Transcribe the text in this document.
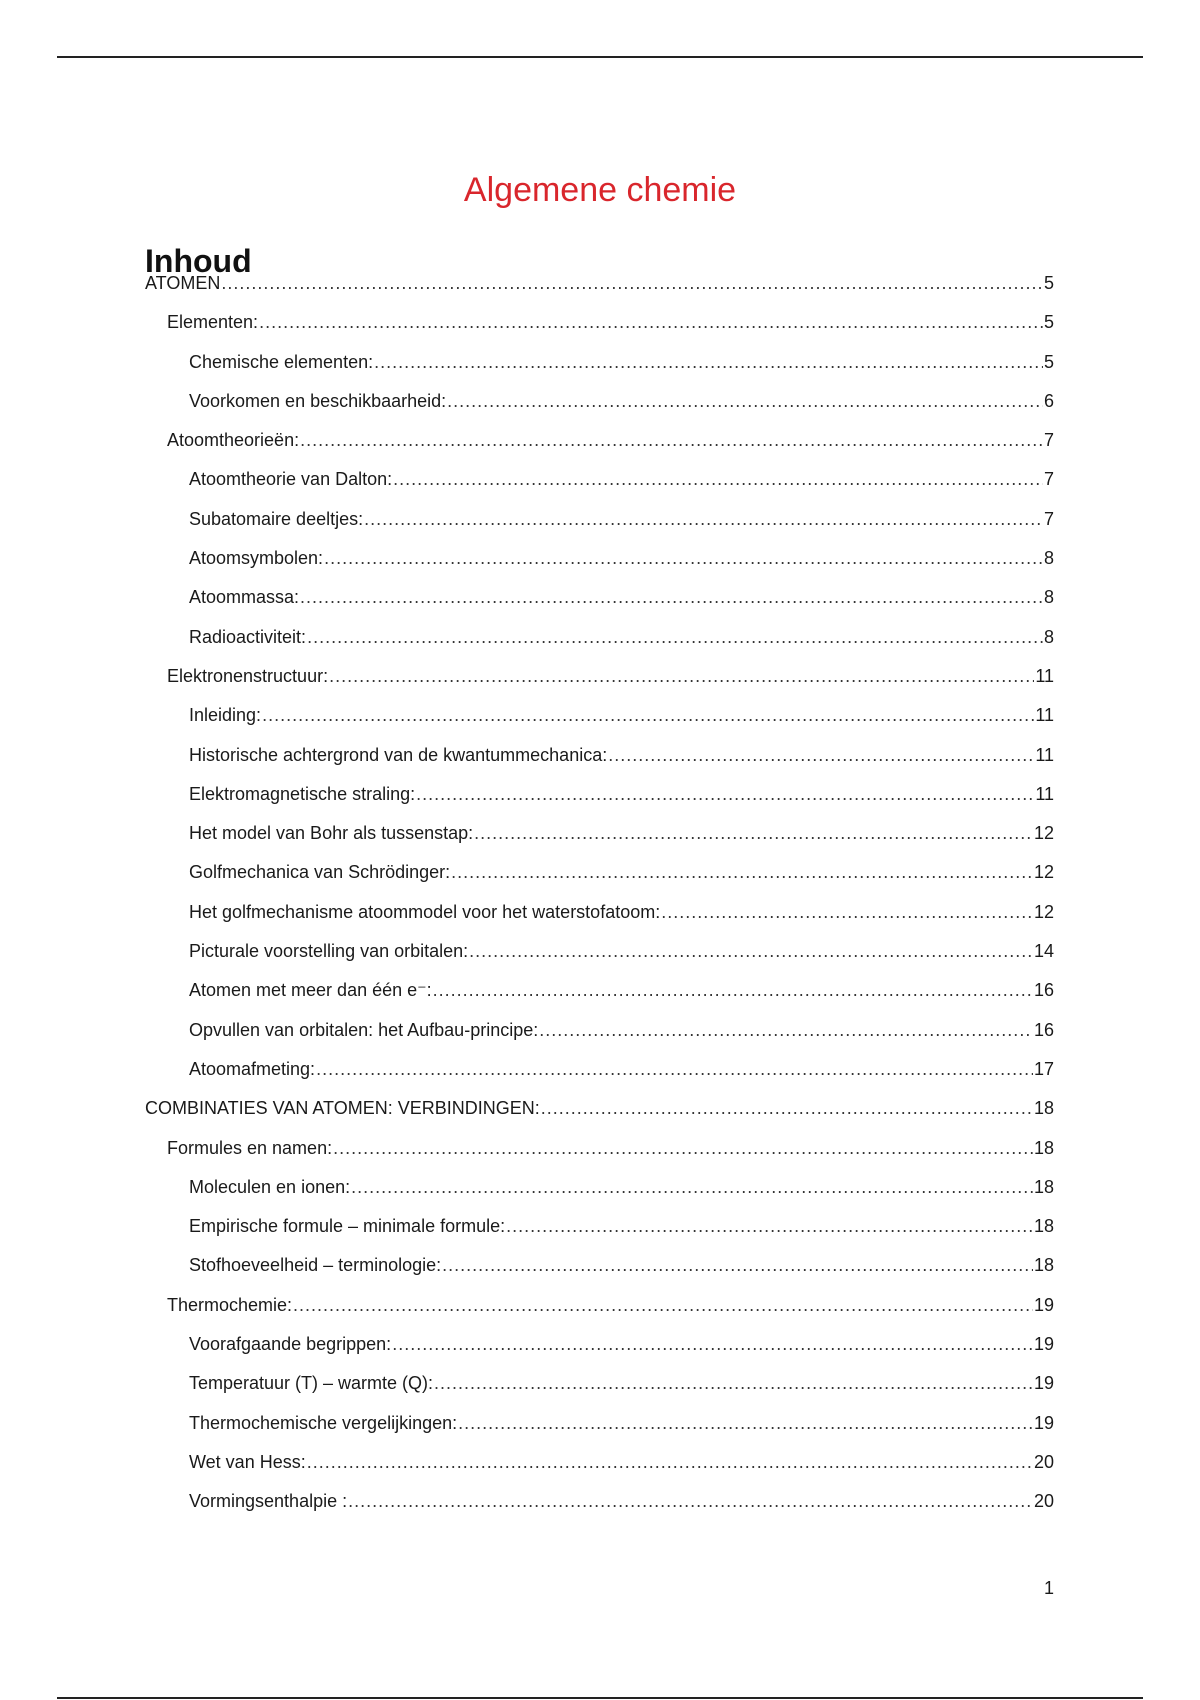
Algemene chemie
Inhoud
ATOMEN .....	5
Elementen: .....	5
Chemische elementen: .....	5
Voorkomen en beschikbaarheid: .....	6
Atoomtheorieën: .....	7
Atoomtheorie van Dalton: .....	7
Subatomaire deeltjes: .....	7
Atoomsymbolen: .....	8
Atoommassa: .....	8
Radioactiviteit: .....	8
Elektronenstructuur: .....	11
Inleiding: .....	11
Historische achtergrond van de kwantummechanica: .....	11
Elektromagnetische straling: .....	11
Het model van Bohr als tussenstap: .....	12
Golfmechanica van Schrödinger: .....	12
Het golfmechanisme atoommodel voor het waterstofatoom: .....	12
Picturale voorstelling van orbitalen: .....	14
Atomen met meer dan één e⁻: .....	16
Opvullen van orbitalen: het Aufbau-principe: .....	16
Atoomafmeting: .....	17
COMBINATIES VAN ATOMEN: VERBINDINGEN: .....	18
Formules en namen: .....	18
Moleculen en ionen: .....	18
Empirische formule – minimale formule: .....	18
Stofhoeveelheid – terminologie: .....	18
Thermochemie: .....	19
Voorafgaande begrippen: .....	19
Temperatuur (T) – warmte (Q): .....	19
Thermochemische vergelijkingen: .....	19
Wet van Hess: .....	20
Vormingsenthalpie : .....	20
1
